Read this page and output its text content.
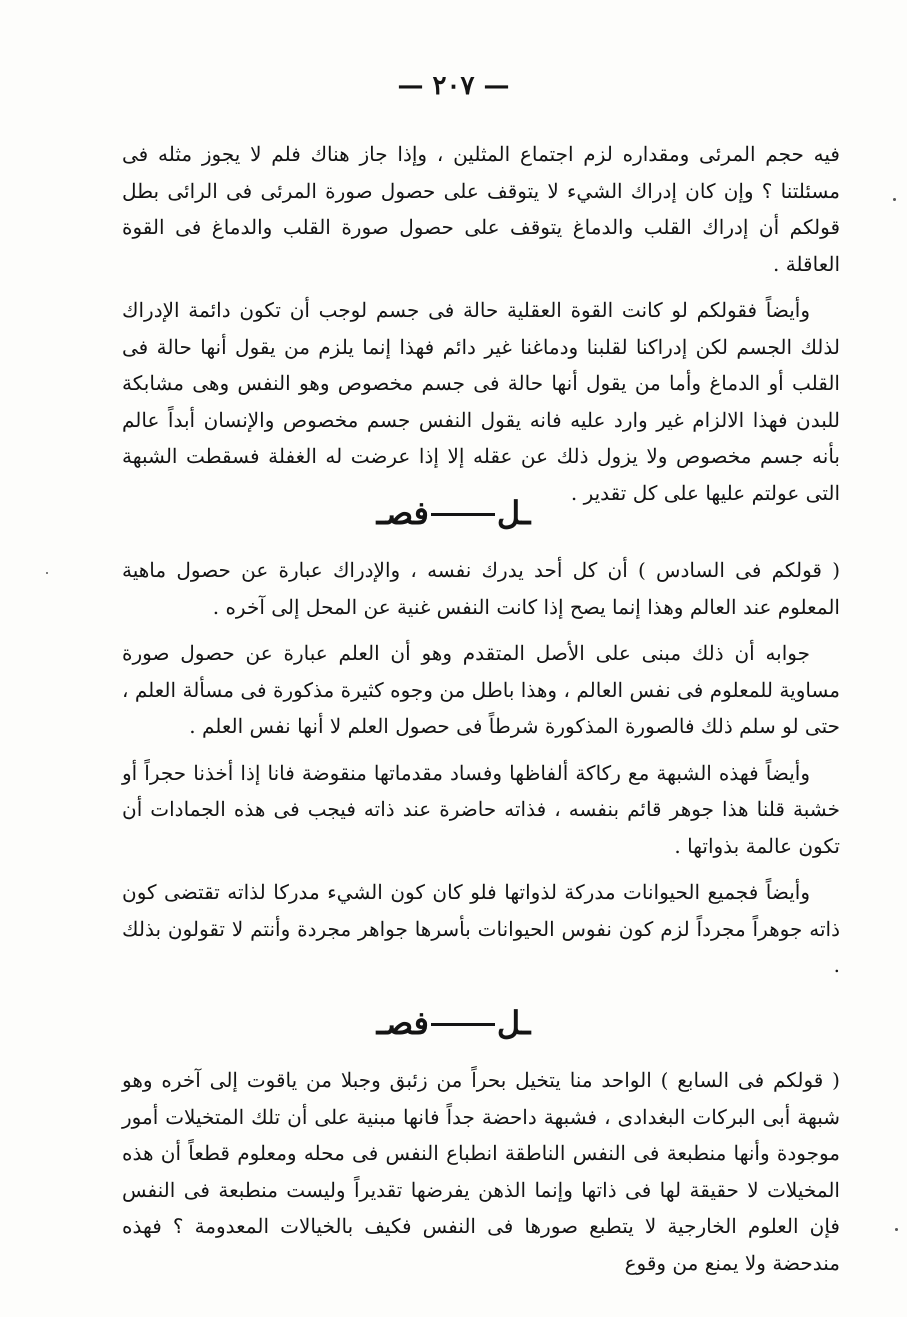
— ٢٠٧ —

فيه حجم المرئى ومقداره لزم اجتماع المثلين ، وإذا جاز هناك فلم لا يجوز مثله فى مسئلتنا ؟ وإن كان إدراك الشيء لا يتوقف على حصول صورة المرئى فى الرائى بطل قولكم أن إدراك القلب والدماغ يتوقف على حصول صورة القلب والدماغ فى القوة العاقلة .

وأيضاً فقولكم لو كانت القوة العقلية حالة فى جسم لوجب أن تكون دائمة الإدراك لذلك الجسم لكن إدراكنا لقلبنا ودماغنا غير دائم فهذا إنما يلزم من يقول أنها حالة فى القلب أو الدماغ وأما من يقول أنها حالة فى جسم مخصوص وهو النفس وهى مشابكة للبدن فهذا الالزام غير وارد عليه فانه يقول النفس جسم مخصوص والإنسان أبداً عالم بأنه جسم مخصوص ولا يزول ذلك عن عقله إلا إذا عرضت له الغفلة فسقطت الشبهة التى عولتم عليها على كل تقدير .

ـلفصـ

( قولكم فى السادس ) أن كل أحد يدرك نفسه ، والإدراك عبارة عن حصول ماهية المعلوم عند العالم وهذا إنما يصح إذا كانت النفس غنية عن المحل إلى آخره .

جوابه أن ذلك مبنى على الأصل المتقدم وهو أن العلم عبارة عن حصول صورة مساوية للمعلوم فى نفس العالم ، وهذا باطل من وجوه كثيرة مذكورة فى مسألة العلم ، حتى لو سلم ذلك فالصورة المذكورة شرطاً فى حصول العلم لا أنها نفس العلم .

وأيضاً فهذه الشبهة مع ركاكة ألفاظها وفساد مقدماتها منقوضة فانا إذا أخذنا حجراً أو خشبة قلنا هذا جوهر قائم بنفسه ، فذاته حاضرة عند ذاته فيجب فى هذه الجمادات أن تكون عالمة بذواتها .

وأيضاً فجميع الحيوانات مدركة لذواتها فلو كان كون الشيء مدركا لذاته تقتضى كون ذاته جوهراً مجرداً لزم كون نفوس الحيوانات بأسرها جواهر مجردة وأنتم لا تقولون بذلك .

ـلفصـ

( قولكم فى السابع ) الواحد منا يتخيل بحراً من زئبق وجبلا من ياقوت إلى آخره وهو شبهة أبى البركات البغدادى ، فشبهة داحضة جداً فانها مبنية على أن تلك المتخيلات أمور موجودة وأنها منطبعة فى النفس الناطقة انطباع النفس فى محله ومعلوم قطعاً أن هذه المخيلات لا حقيقة لها فى ذاتها وإنما الذهن يفرضها تقديراً وليست منطبعة فى النفس فإن العلوم الخارجية لا يتطبع صورها فى النفس فكيف بالخيالات المعدومة ؟ فهذه مندحضة ولا يمنع من وقوع
